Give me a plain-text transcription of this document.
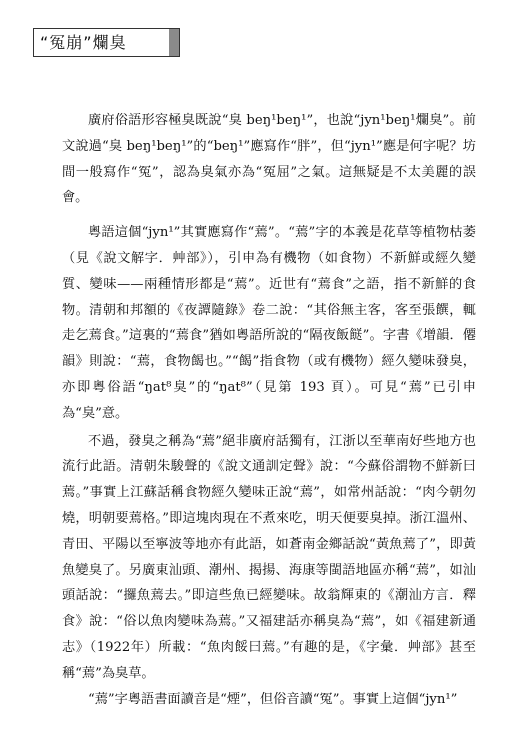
“冤崩”爛臭

廣府俗語形容極臭既說“臭 beŋ¹beŋ¹”，也說“jyn¹beŋ¹爛臭”。前文說過“臭 beŋ¹beŋ¹”的“beŋ¹”應寫作“胖”，但“jyn¹”應是何字呢？坊間一般寫作“冤”，認為臭氣亦為“冤屈”之氣。這無疑是不太美麗的誤會。

粵語這個“jyn¹”其實應寫作“蔫”。“蔫”字的本義是花草等植物枯萎（見《說文解字．艸部》），引申為有機物（如食物）不新鮮或經久變質、變味——兩種情形都是“蔫”。近世有“蔫食”之語，指不新鮮的食物。清朝和邦額的《夜譚隨錄》卷二說：“其俗無主客，客至張饌，輒走乞蔫食。”這裏的“蔫食”猶如粵語所說的“隔夜飯餸”。字書《增韻．僊韻》則說：“蔫，食物餲也。”“餲”指食物（或有機物）經久變味發臭，亦即粵俗語“ŋat⁸臭”的“ŋat⁸”（見第 193 頁）。可見“蔫”已引申為“臭”意。

不過，發臭之稱為“蔫”絕非廣府話獨有，江浙以至華南好些地方也流行此語。清朝朱駿聲的《說文通訓定聲》說：“今蘇俗謂物不鮮新曰蔫。”事實上江蘇話稱食物經久變味正說“蔫”，如常州話說：“肉今朝勿燒，明朝要蔫格。”即這塊肉現在不煮來吃，明天便要臭掉。浙江溫州、青田、平陽以至寧波等地亦有此語，如蒼南金鄉話說“黃魚蔫了”，即黃魚變臭了。另廣東汕頭、潮州、揭揚、海康等閩語地區亦稱“蔫”，如汕頭話說：“攞魚蔫去。”即這些魚已經變味。故翁輝東的《潮汕方言．釋食》說：“俗以魚肉變味為蔫。”又福建話亦稱臭為“蔫”，如《福建新通志》（1922年）所載：“魚肉餒曰蔫。”有趣的是，《字彙．艸部》甚至稱“蔫”為臭草。

“蔫”字粵語書面讀音是“煙”，但俗音讀“冤”。事實上這個“jyn¹”
